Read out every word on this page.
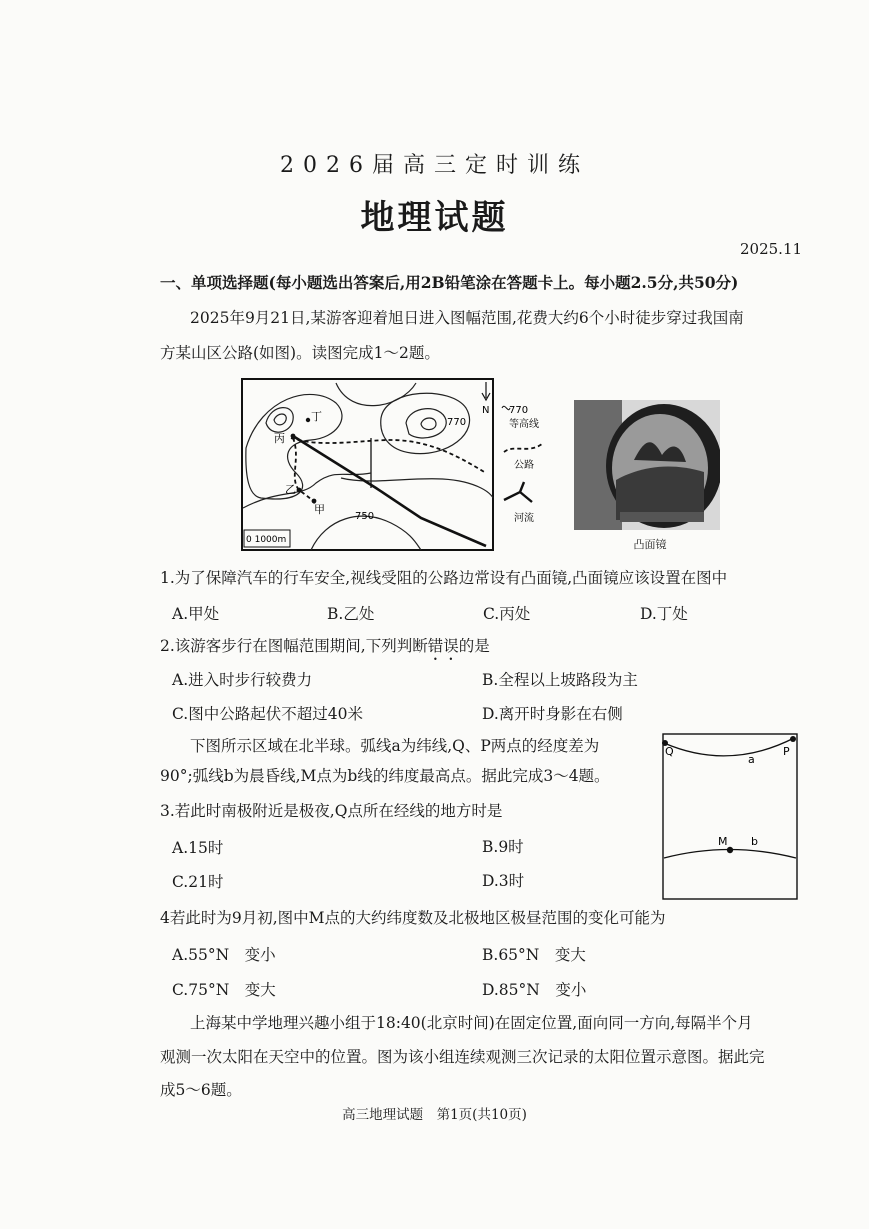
2026届高三定时训练
地理试题
2025.11
一、单项选择题(每小题选出答案后,用2B铅笔涂在答题卡上。每小题2.5分,共50分)
2025年9月21日,某游客迎着旭日进入图幅范围,花费大约6个小时徒步穿过我国南
方某山区公路(如图)。读图完成1～2题。
丁
丙
乙
甲
770
750
N
0 1000m
770
等高线
公路
河流
凸面镜
1.为了保障汽车的行车安全,视线受阻的公路边常设有凸面镜,凸面镜应该设置在图中
A.甲处	B.乙处	C.丙处	D.丁处
2.该游客步行在图幅范围期间,下列判断错误的是
A.进入时步行较费力	B.全程以上坡路段为主
C.图中公路起伏不超过40米	D.离开时身影在右侧
下图所示区域在北半球。弧线a为纬线,Q、P两点的经度差为
90°;弧线b为晨昏线,M点为b线的纬度最高点。据此完成3～4题。
Q	P
a
M b
3.若此时南极附近是极夜,Q点所在经线的地方时是
A.15时	B.9时
C.21时	D.3时
4若此时为9月初,图中M点的大约纬度数及北极地区极昼范围的变化可能为
A.55°N　变小	B.65°N　变大
C.75°N　变大	D.85°N　变小
上海某中学地理兴趣小组于18:40(北京时间)在固定位置,面向同一方向,每隔半个月
观测一次太阳在天空中的位置。图为该小组连续观测三次记录的太阳位置示意图。据此完
成5～6题。
高三地理试题　第1页(共10页)
